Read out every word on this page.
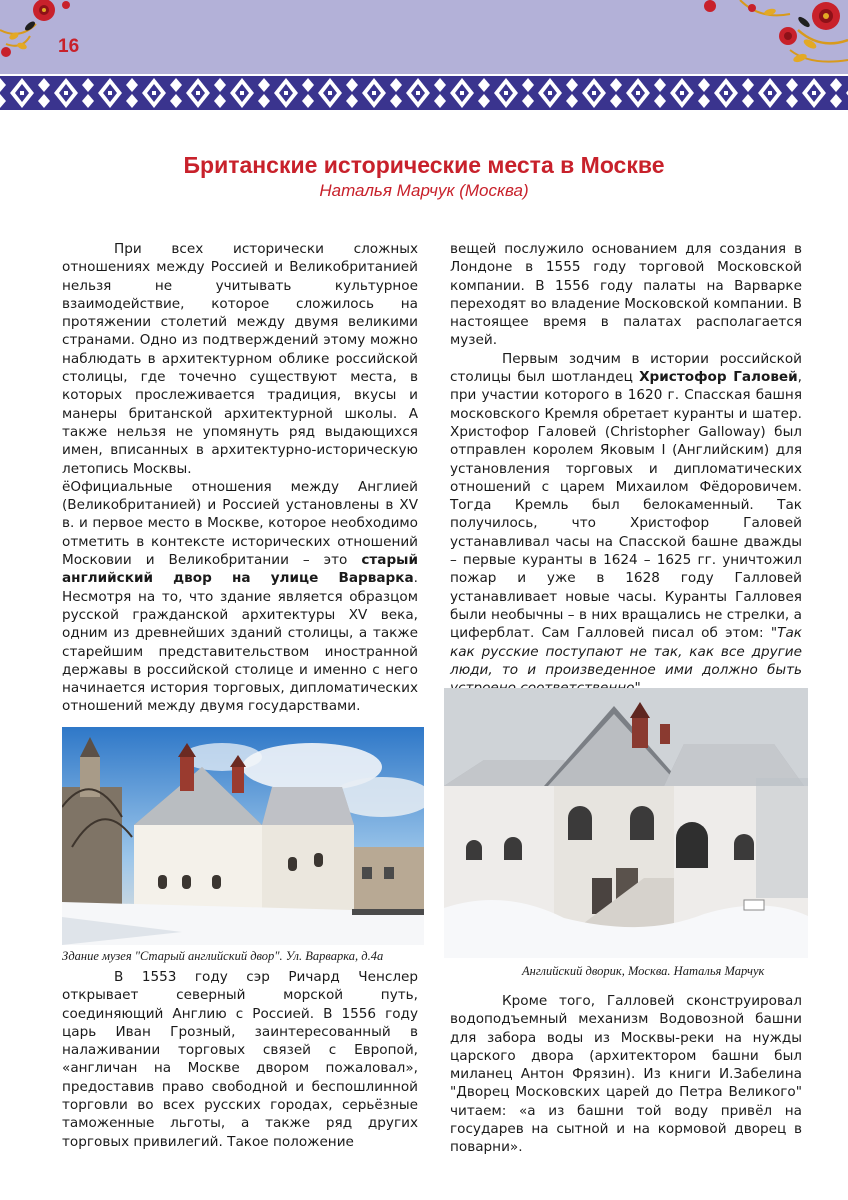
16
Британские исторические места в Москве
Наталья Марчук (Москва)

При всех исторически сложных отношениях между Россией и Великобританией нельзя не учитывать культурное взаимодействие, которое сложилось на протяжении столетий между двумя великими странами. Одно из подтверждений этому можно наблюдать в архитектурном облике российской столицы, где точечно существуют места, в которых прослеживается традиция, вкусы и манеры британской архитектурной школы. А также нельзя не упомянуть ряд выдающихся имен, вписанных в архитектурно-историческую летопись Москвы.

ёОфициальные отношения между Англией (Великобританией) и Россией установлены в XV в. и первое место в Москве, которое необходимо отметить в контексте исторических отношений Московии и Великобритании – это старый английский двор на улице Варварка. Несмотря на то, что здание является образцом русской гражданской архитектуры XV века, одним из древнейших зданий столицы, а также старейшим представительством иностранной державы в российской столице и именно с него начинается история торговых, дипломатических отношений между двумя государствами.

Здание музея "Старый английский двор". Ул. Варварка, д.4а

В 1553 году сэр Ричард Ченслер открывает северный морской путь, соединяющий Англию с Россией. В 1556 году царь Иван Грозный, заинтересованный в налаживании торговых связей с Европой, «англичан на Москве двором пожаловал», предоставив право свободной и беспошлинной торговли во всех русских городах, серьёзные таможенные льготы, а также ряд других торговых привилегий. Такое положение

вещей послужило основанием для создания в Лондоне в 1555 году торговой Московской компании. В 1556 году палаты на Варварке переходят во владение Московской компании. В настоящее время в палатах располагается музей.

Первым зодчим в истории российской столицы был шотландец Христофор Галовей, при участии которого в 1620 г. Спасская башня московского Кремля обретает куранты и шатер. Христофор Галовей (Christopher Galloway) был отправлен королем Яковым I (Английским) для установления торговых и дипломатических отношений с царем Михаилом Фёдоровичем. Тогда Кремль был белокаменный. Так получилось, что Христофор Галовей устанавливал часы на Спасской башне дважды – первые куранты в 1624 – 1625 гг. уничтожил пожар и уже в 1628 году Галловей устанавливает новые часы. Куранты Галловея были необычны – в них вращались не стрелки, а циферблат. Сам Галловей писал об этом: "Так как русские поступают не так, как все другие люди, то и произведенное ими должно быть

Английский дворик, Москва. Наталья Марчук

Кроме того, Галловей сконструировал водоподъемный механизм Водовозной башни для забора воды из Москвы-реки на нужды царского двора (архитектором башни был миланец Антон Фрязин). Из книги И.Забелина "Дворец Московских царей до Петра Великого" читаем: «а из башни той воду привёл на государев на сытной и на кормовой дворец в поварни».
